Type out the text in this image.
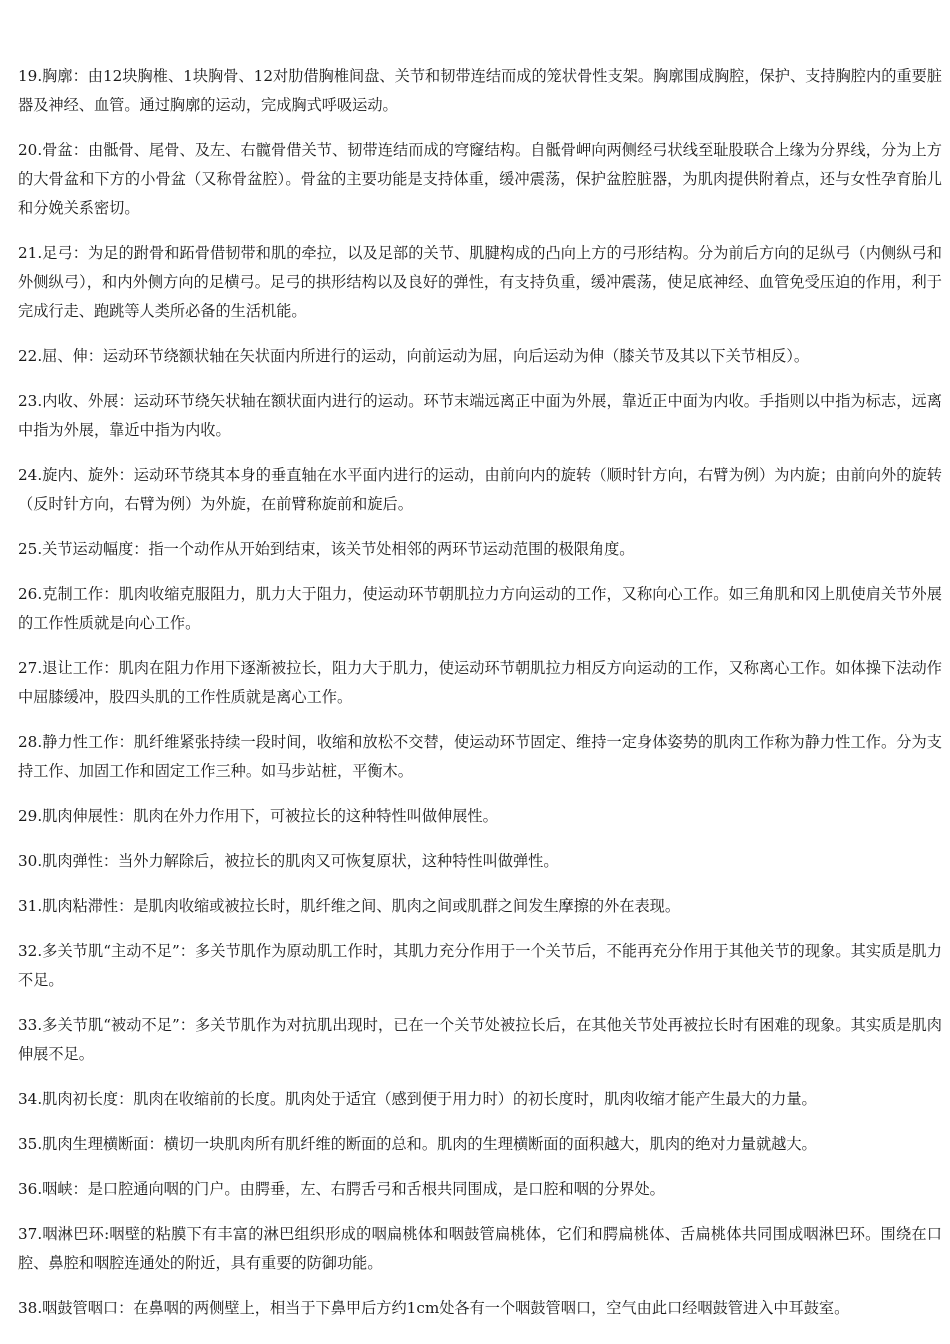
19.胸廓：由12块胸椎、1块胸骨、12对肋借胸椎间盘、关节和韧带连结而成的笼状骨性支架。胸廓围成胸腔，保护、支持胸腔内的重要脏器及神经、血管。通过胸廓的运动，完成胸式呼吸运动。

20.骨盆：由骶骨、尾骨、及左、右髋骨借关节、韧带连结而成的穹窿结构。自骶骨岬向两侧经弓状线至耻股联合上缘为分界线，分为上方的大骨盆和下方的小骨盆（又称骨盆腔）。骨盆的主要功能是支持体重，缓冲震荡，保护盆腔脏器，为肌肉提供附着点，还与女性孕育胎儿和分娩关系密切。

21.足弓：为足的跗骨和跖骨借韧带和肌的牵拉，以及足部的关节、肌腱构成的凸向上方的弓形结构。分为前后方向的足纵弓（内侧纵弓和外侧纵弓），和内外侧方向的足横弓。足弓的拱形结构以及良好的弹性，有支持负重，缓冲震荡，使足底神经、血管免受压迫的作用，利于完成行走、跑跳等人类所必备的生活机能。

22.屈、伸：运动环节绕额状轴在矢状面内所进行的运动，向前运动为屈，向后运动为伸（膝关节及其以下关节相反）。

23.内收、外展：运动环节绕矢状轴在额状面内进行的运动。环节末端远离正中面为外展，靠近正中面为内收。手指则以中指为标志，远离中指为外展，靠近中指为内收。

24.旋内、旋外：运动环节绕其本身的垂直轴在水平面内进行的运动，由前向内的旋转（顺时针方向，右臂为例）为内旋；由前向外的旋转（反时针方向，右臂为例）为外旋，在前臂称旋前和旋后。

25.关节运动幅度：指一个动作从开始到结束，该关节处相邻的两环节运动范围的极限角度。

26.克制工作：肌肉收缩克服阻力，肌力大于阻力，使运动环节朝肌拉力方向运动的工作，又称向心工作。如三角肌和冈上肌使肩关节外展的工作性质就是向心工作。

27.退让工作：肌肉在阻力作用下逐渐被拉长，阻力大于肌力，使运动环节朝肌拉力相反方向运动的工作，又称离心工作。如体操下法动作中屈膝缓冲，股四头肌的工作性质就是离心工作。

28.静力性工作：肌纤维紧张持续一段时间，收缩和放松不交替，使运动环节固定、维持一定身体姿势的肌肉工作称为静力性工作。分为支持工作、加固工作和固定工作三种。如马步站桩，平衡木。

29.肌肉伸展性：肌肉在外力作用下，可被拉长的这种特性叫做伸展性。

30.肌肉弹性：当外力解除后，被拉长的肌肉又可恢复原状，这种特性叫做弹性。

31.肌肉粘滞性：是肌肉收缩或被拉长时，肌纤维之间、肌肉之间或肌群之间发生摩擦的外在表现。

32.多关节肌“主动不足”：多关节肌作为原动肌工作时，其肌力充分作用于一个关节后，不能再充分作用于其他关节的现象。其实质是肌力不足。

33.多关节肌“被动不足”：多关节肌作为对抗肌出现时，已在一个关节处被拉长后，在其他关节处再被拉长时有困难的现象。其实质是肌肉伸展不足。

34.肌肉初长度：肌肉在收缩前的长度。肌肉处于适宜（感到便于用力时）的初长度时，肌肉收缩才能产生最大的力量。

35.肌肉生理横断面：横切一块肌肉所有肌纤维的断面的总和。肌肉的生理横断面的面积越大，肌肉的绝对力量就越大。

36.咽峡：是口腔通向咽的门户。由腭垂，左、右腭舌弓和舌根共同围成，是口腔和咽的分界处。

37.咽淋巴环:咽壁的粘膜下有丰富的淋巴组织形成的咽扁桃体和咽鼓管扁桃体，它们和腭扁桃体、舌扁桃体共同围成咽淋巴环。围绕在口腔、鼻腔和咽腔连通处的附近，具有重要的防御功能。

38.咽鼓管咽口：在鼻咽的两侧壁上，相当于下鼻甲后方约1cm处各有一个咽鼓管咽口，空气由此口经咽鼓管进入中耳鼓室。
